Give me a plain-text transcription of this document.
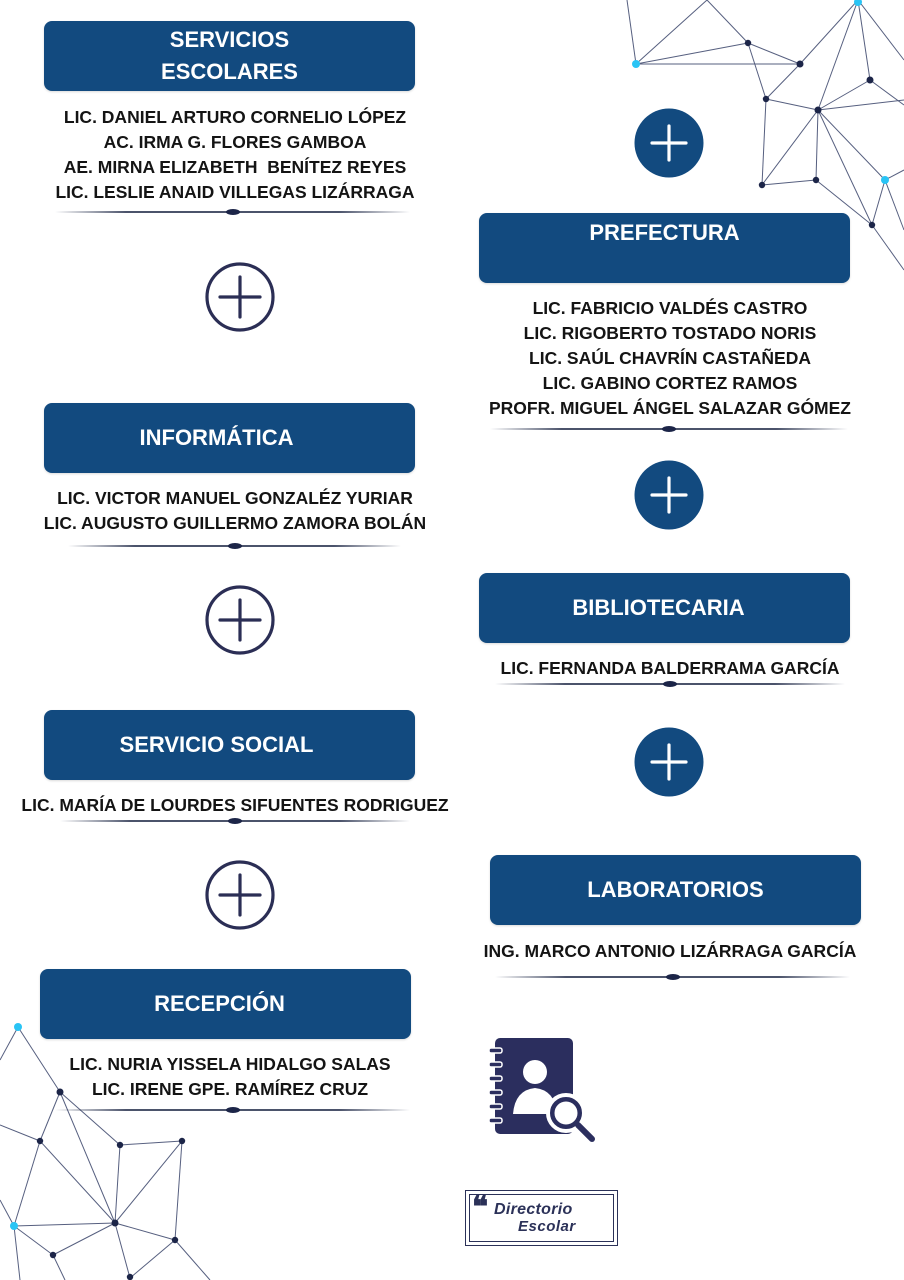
SERVICIOS
ESCOLARES
LIC. DANIEL ARTURO CORNELIO LÓPEZ
AC. IRMA G. FLORES GAMBOA
AE. MIRNA ELIZABETH  BENÍTEZ REYES
LIC. LESLIE ANAID VILLEGAS LIZÁRRAGA
PREFECTURA
LIC. FABRICIO VALDÉS CASTRO
LIC. RIGOBERTO TOSTADO NORIS
LIC. SAÚL CHAVRÍN CASTAÑEDA
LIC. GABINO CORTEZ RAMOS
PROFR. MIGUEL ÁNGEL SALAZAR GÓMEZ
INFORMÁTICA
LIC. VICTOR MANUEL GONZALÉZ YURIAR
LIC. AUGUSTO GUILLERMO ZAMORA BOLÁN
BIBLIOTECARIA
LIC. FERNANDA BALDERRAMA GARCÍA
SERVICIO SOCIAL
LIC. MARÍA DE LOURDES SIFUENTES RODRIGUEZ
LABORATORIOS
ING. MARCO ANTONIO LIZÁRRAGA GARCÍA
RECEPCIÓN
LIC. NURIA YISSELA HIDALGO SALAS
LIC. IRENE GPE. RAMÍREZ CRUZ
❝ Directorio
Escolar
